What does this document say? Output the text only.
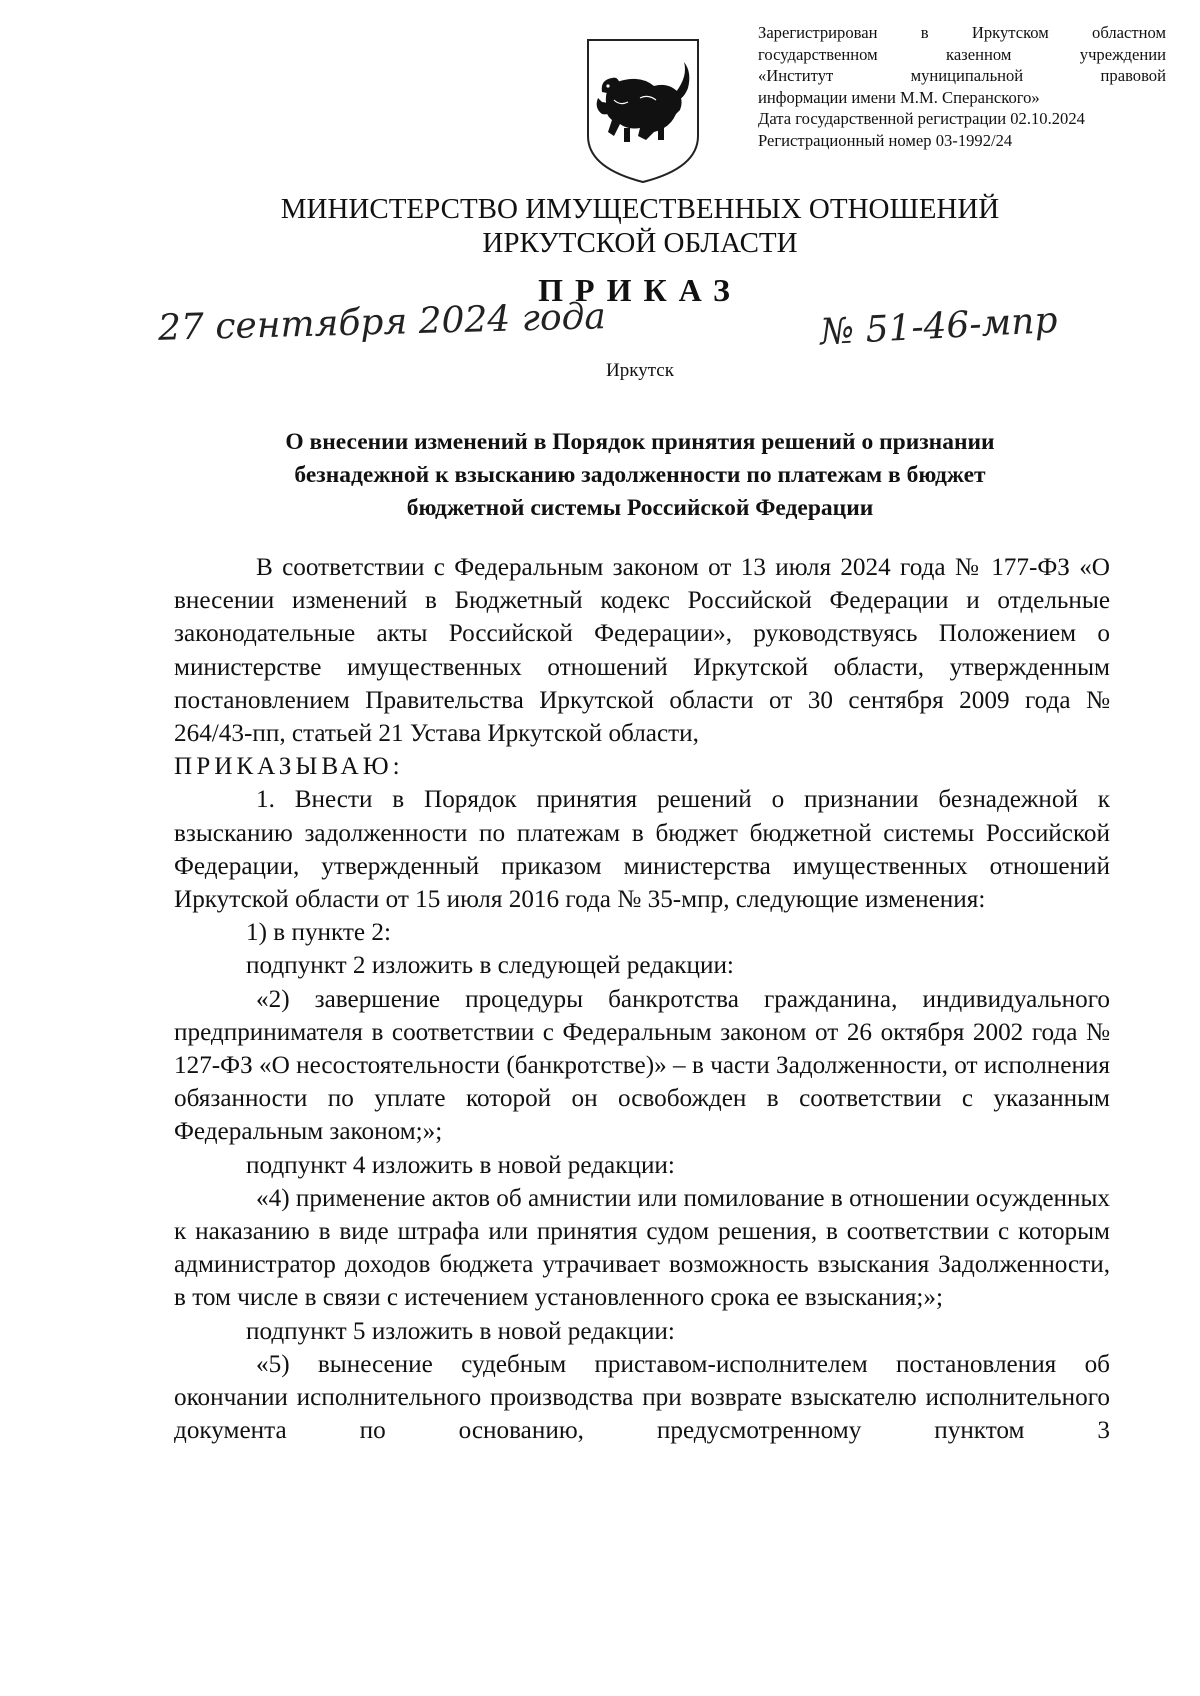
Зарегистрирован в Иркутском областном
государственном казенном учреждении
«Институт муниципальной правовой
информации имени М.М. Сперанского»
Дата государственной регистрации 02.10.2024
Регистрационный номер 03-1992/24
МИНИСТЕРСТВО ИМУЩЕСТВЕННЫХ ОТНОШЕНИЙ
ИРКУТСКОЙ ОБЛАСТИ
ПРИКАЗ
27 сентября 2024 года	№ 51-46-мпр
Иркутск
О внесении изменений в Порядок принятия решений о признании
безнадежной к взысканию задолженности по платежам в бюджет
бюджетной системы Российской Федерации

В соответствии с Федеральным законом от 13 июля 2024 года № 177-ФЗ «О внесении изменений в Бюджетный кодекс Российской Федерации и отдельные законодательные акты Российской Федерации», руководствуясь Положением о министерстве имущественных отношений Иркутской области, утвержденным постановлением Правительства Иркутской области от 30 сентября 2009 года № 264/43-пп, статьей 21 Устава Иркутской области,

ПРИКАЗЫВАЮ:

1. Внести в Порядок принятия решений о признании безнадежной к взысканию задолженности по платежам в бюджет бюджетной системы Российской Федерации, утвержденный приказом министерства имущественных отношений Иркутской области от 15 июля 2016 года № 35-мпр, следующие изменения:

1) в пункте 2:

подпункт 2 изложить в следующей редакции:

«2) завершение процедуры банкротства гражданина, индивидуального предпринимателя в соответствии с Федеральным законом от 26 октября 2002 года № 127-ФЗ «О несостоятельности (банкротстве)» – в части Задолженности, от исполнения обязанности по уплате которой он освобожден в соответствии с указанным Федеральным законом;»;

подпункт 4 изложить в новой редакции:

«4) применение актов об амнистии или помилование в отношении осужденных к наказанию в виде штрафа или принятия судом решения, в соответствии с которым администратор доходов бюджета утрачивает возможность взыскания Задолженности, в том числе в связи с истечением установленного срока ее взыскания;»;

подпункт 5 изложить в новой редакции:

«5) вынесение судебным приставом-исполнителем постановления об окончании исполнительного производства при возврате взыскателю исполнительного документа по основанию, предусмотренному пунктом 3
